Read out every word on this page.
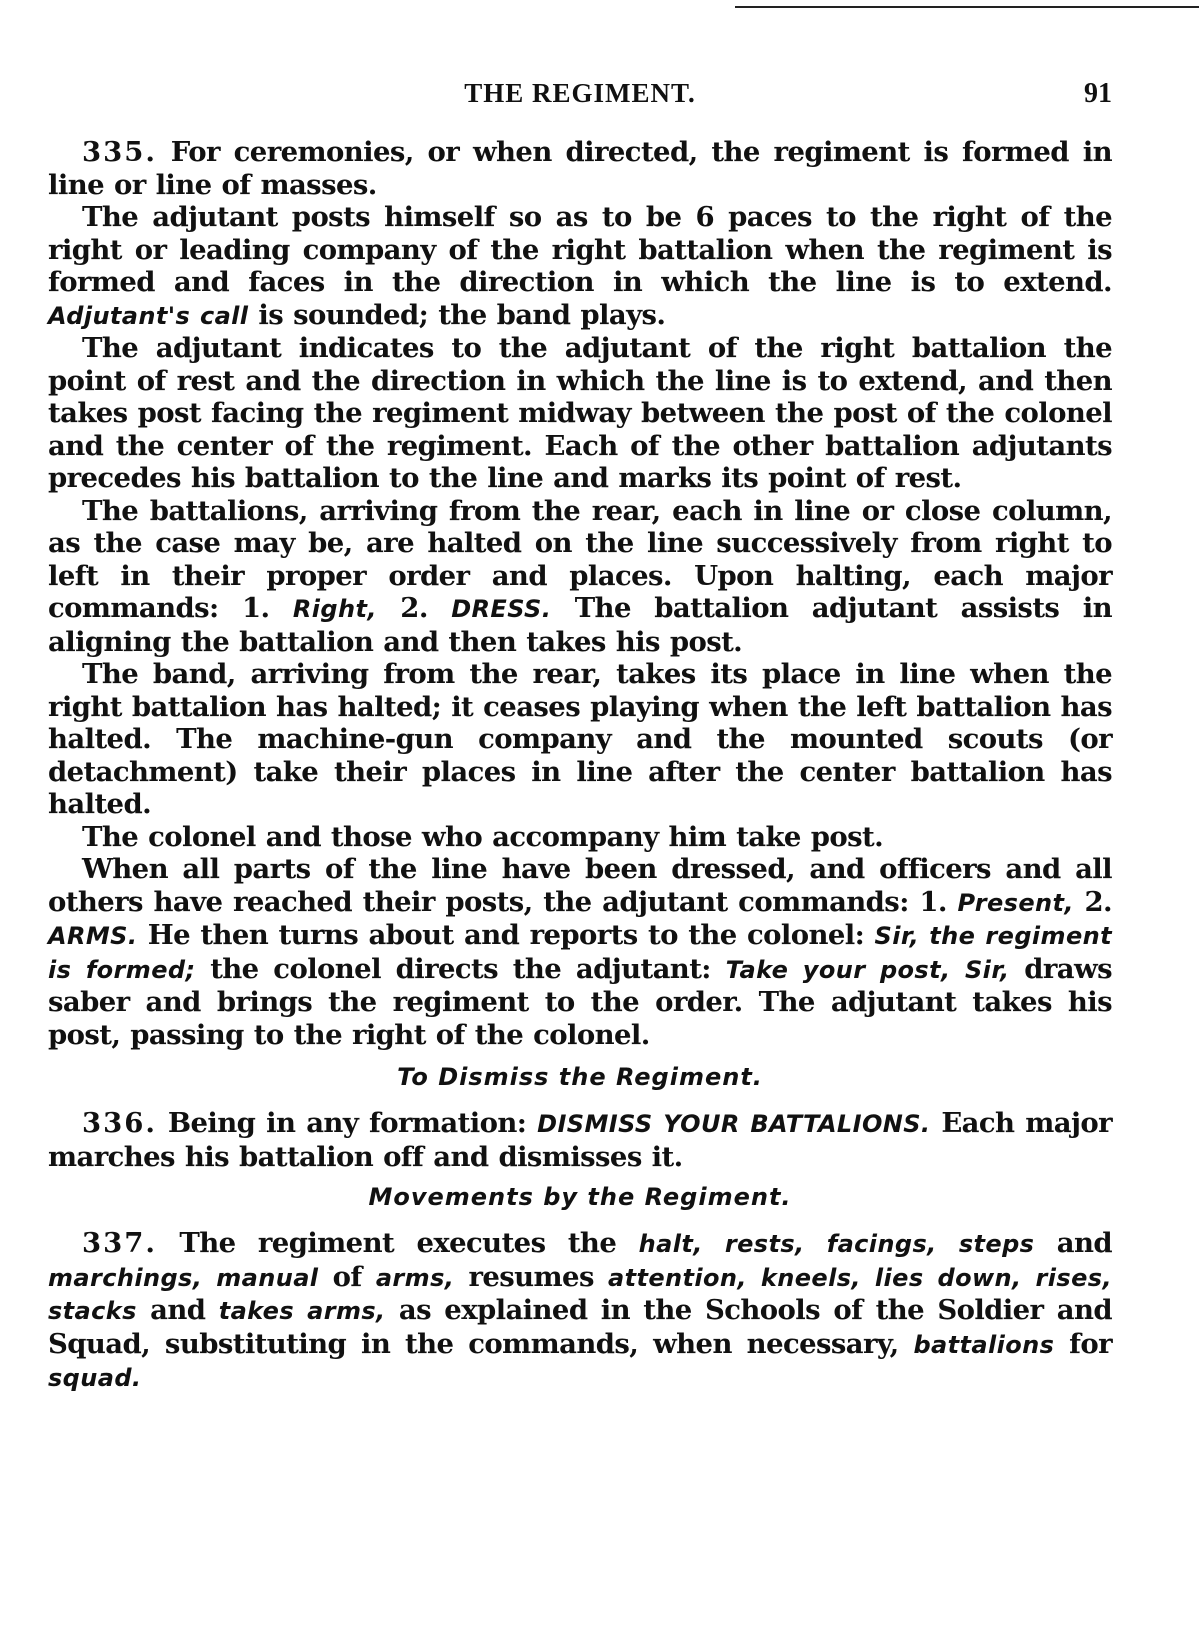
THE REGIMENT.	91

335. For ceremonies, or when directed, the regiment is formed in line or line of masses.

The adjutant posts himself so as to be 6 paces to the right of the right or leading company of the right battalion when the regiment is formed and faces in the direction in which the line is to extend. Adjutant's call is sounded; the band plays.

The adjutant indicates to the adjutant of the right battalion the point of rest and the direction in which the line is to extend, and then takes post facing the regiment midway between the post of the colonel and the center of the regiment. Each of the other battalion adjutants precedes his battalion to the line and marks its point of rest.

The battalions, arriving from the rear, each in line or close column, as the case may be, are halted on the line successively from right to left in their proper order and places. Upon halting, each major commands: 1. Right, 2. DRESS. The battalion adjutant assists in aligning the battalion and then takes his post.

The band, arriving from the rear, takes its place in line when the right battalion has halted; it ceases playing when the left battalion has halted. The machine-gun company and the mounted scouts (or detachment) take their places in line after the center battalion has halted.

The colonel and those who accompany him take post.

When all parts of the line have been dressed, and officers and all others have reached their posts, the adjutant commands: 1. Present, 2. ARMS. He then turns about and reports to the colonel: Sir, the regiment is formed; the colonel directs the adjutant: Take your post, Sir, draws saber and brings the regiment to the order. The adjutant takes his post, passing to the right of the colonel.

To Dismiss the Regiment.

336. Being in any formation: DISMISS YOUR BATTALIONS. Each major marches his battalion off and dismisses it.

Movements by the Regiment.

337. The regiment executes the halt, rests, facings, steps and marchings, manual of arms, resumes attention, kneels, lies down, rises, stacks and takes arms, as explained in the Schools of the Soldier and Squad, substituting in the commands, when necessary, battalions for squad.
